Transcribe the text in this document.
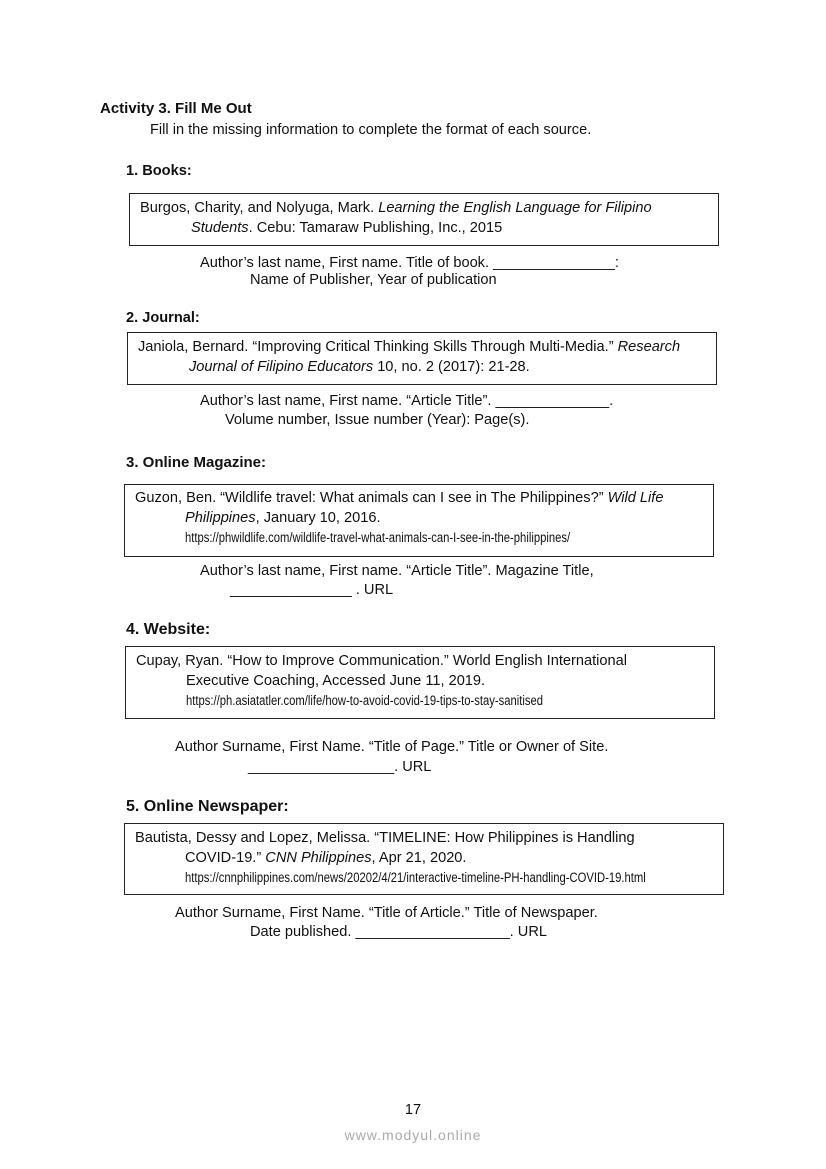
Activity 3. Fill Me Out
Fill in the missing information to complete the format of each source.
1. Books:
Burgos, Charity, and Nolyuga, Mark. Learning the English Language for Filipino
Students. Cebu: Tamaraw Publishing, Inc., 2015
Author’s last name, First name. Title of book. _______________:
Name of Publisher, Year of publication
2. Journal:
Janiola, Bernard. “Improving Critical Thinking Skills Through Multi-Media.” Research
Journal of Filipino Educators 10, no. 2 (2017): 21-28.
Author’s last name, First name. “Article Title”. ______________.
Volume number, Issue number (Year): Page(s).
3. Online Magazine:
Guzon, Ben. “Wildlife travel: What animals can I see in The Philippines?” Wild Life
Philippines, January 10, 2016.
https://phwildlife.com/wildlife-travel-what-animals-can-I-see-in-the-philippines/
Author’s last name, First name. “Article Title”. Magazine Title,
_______________ . URL
4. Website:
Cupay, Ryan. “How to Improve Communication.” World English International
Executive Coaching, Accessed June 11, 2019.
https://ph.asiatatler.com/life/how-to-avoid-covid-19-tips-to-stay-sanitised
Author Surname, First Name. “Title of Page.” Title or Owner of Site.
__________________. URL
5. Online Newspaper:
Bautista, Dessy and Lopez, Melissa. “TIMELINE: How Philippines is Handling
COVID-19.” CNN Philippines, Apr 21, 2020.
https://cnnphilippines.com/news/20202/4/21/interactive-timeline-PH-handling-COVID-19.html
Author Surname, First Name. “Title of Article.” Title of Newspaper.
Date published. ___________________. URL
17
www.modyul.online
